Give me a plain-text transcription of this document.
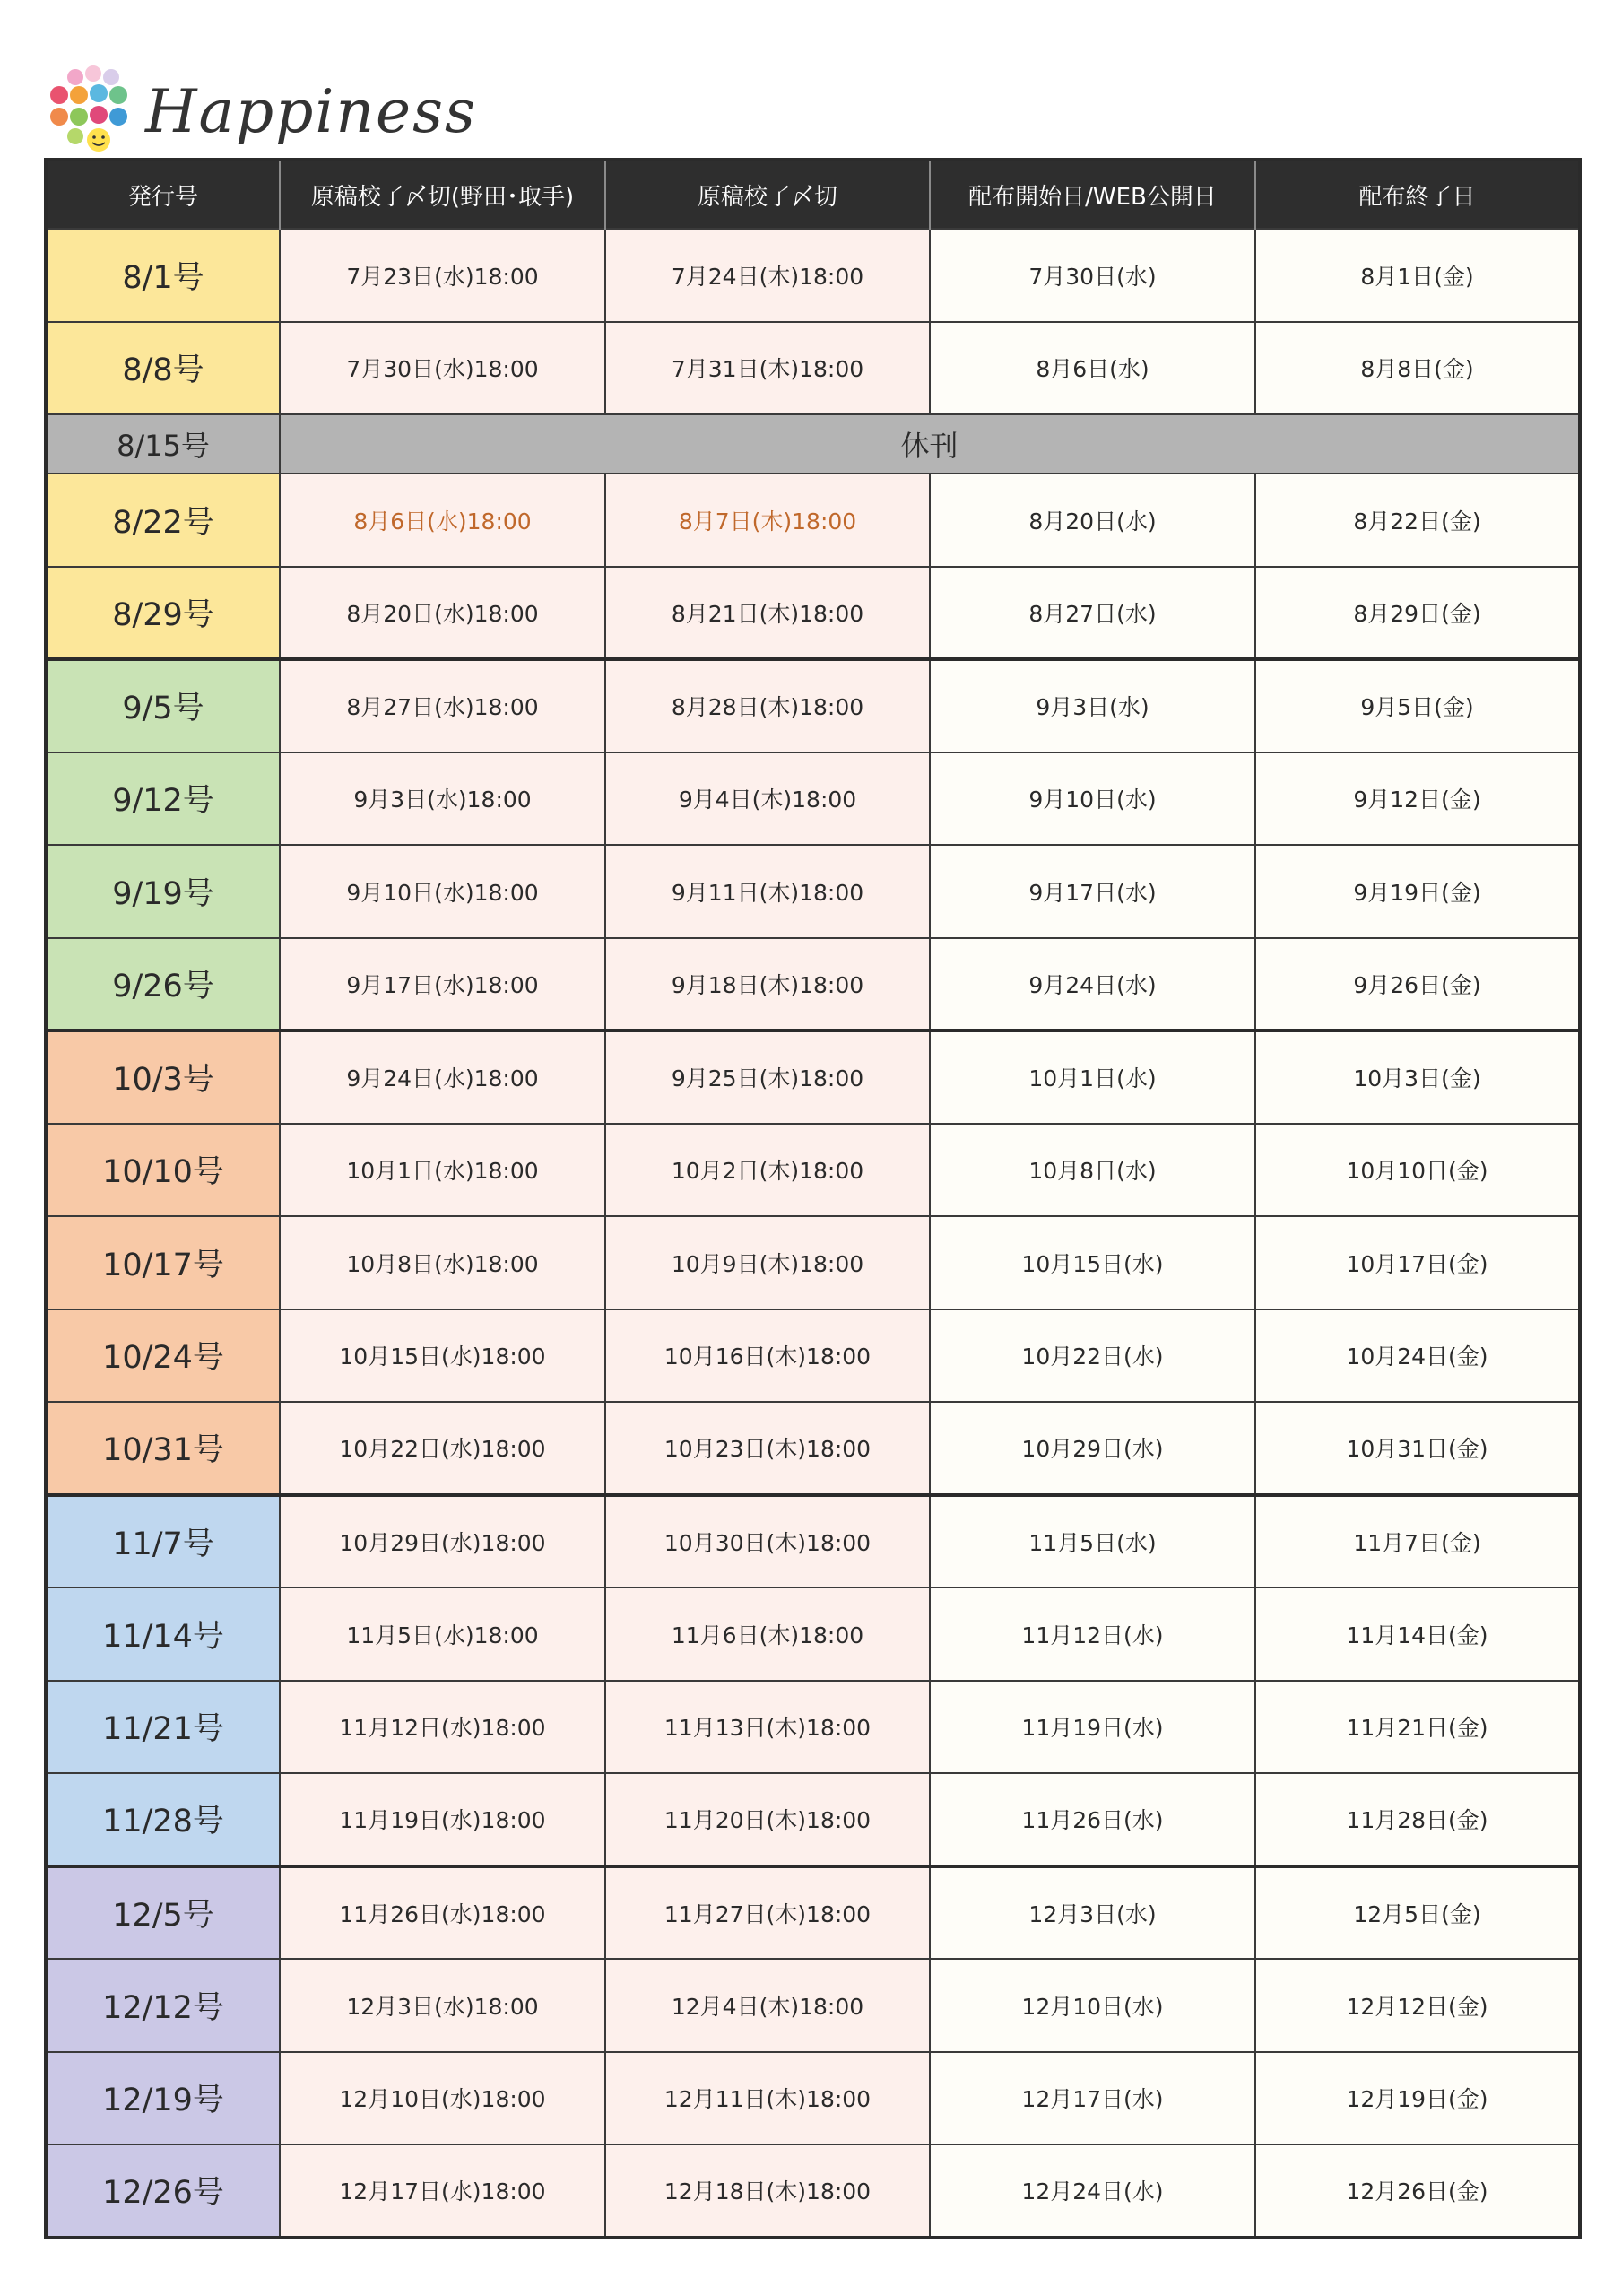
Happiness
発行号	原稿校了〆切(野田･取手)	原稿校了〆切	配布開始日/WEB公開日	配布終了日
8/1号	7月23日(水)18:00	7月24日(木)18:00	7月30日(水)	8月1日(金)
8/8号	7月30日(水)18:00	7月31日(木)18:00	8月6日(水)	8月8日(金)
8/15号	休刊			
8/22号	8月6日(水)18:00	8月7日(木)18:00	8月20日(水)	8月22日(金)
8/29号	8月20日(水)18:00	8月21日(木)18:00	8月27日(水)	8月29日(金)
9/5号	8月27日(水)18:00	8月28日(木)18:00	9月3日(水)	9月5日(金)
9/12号	9月3日(水)18:00	9月4日(木)18:00	9月10日(水)	9月12日(金)
9/19号	9月10日(水)18:00	9月11日(木)18:00	9月17日(水)	9月19日(金)
9/26号	9月17日(水)18:00	9月18日(木)18:00	9月24日(水)	9月26日(金)
10/3号	9月24日(水)18:00	9月25日(木)18:00	10月1日(水)	10月3日(金)
10/10号	10月1日(水)18:00	10月2日(木)18:00	10月8日(水)	10月10日(金)
10/17号	10月8日(水)18:00	10月9日(木)18:00	10月15日(水)	10月17日(金)
10/24号	10月15日(水)18:00	10月16日(木)18:00	10月22日(水)	10月24日(金)
10/31号	10月22日(水)18:00	10月23日(木)18:00	10月29日(水)	10月31日(金)
11/7号	10月29日(水)18:00	10月30日(木)18:00	11月5日(水)	11月7日(金)
11/14号	11月5日(水)18:00	11月6日(木)18:00	11月12日(水)	11月14日(金)
11/21号	11月12日(水)18:00	11月13日(木)18:00	11月19日(水)	11月21日(金)
11/28号	11月19日(水)18:00	11月20日(木)18:00	11月26日(水)	11月28日(金)
12/5号	11月26日(水)18:00	11月27日(木)18:00	12月3日(水)	12月5日(金)
12/12号	12月3日(水)18:00	12月4日(木)18:00	12月10日(水)	12月12日(金)
12/19号	12月10日(水)18:00	12月11日(木)18:00	12月17日(水)	12月19日(金)
12/26号	12月17日(水)18:00	12月18日(木)18:00	12月24日(水)	12月26日(金)
